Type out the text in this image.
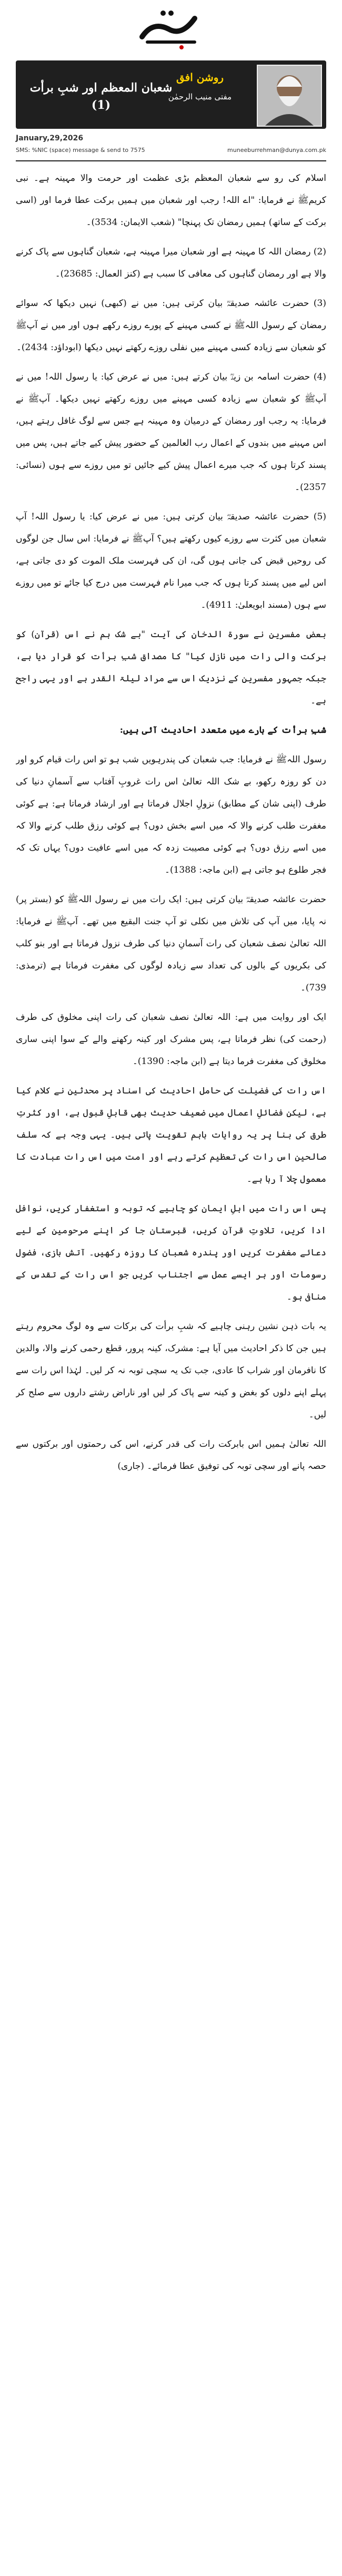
روشن افق
مفتی منیب الرحمٰن
شعبان المعظم اور شبِ برأت (1)
January,29,2026
SMS: %NIC (space) message & send to 7575	muneeburrehman@dunya.com.pk

اسلام کی رو سے شعبان المعظم بڑی عظمت اور حرمت والا مہینہ ہے۔ نبی کریمﷺ نے فرمایا: "اے اللہ! رجب اور شعبان میں ہمیں برکت عطا فرما اور (اسی برکت کے ساتھ) ہمیں رمضان تک پہنچا" (شعب الایمان: 3534)۔

(2) رمضان اللہ کا مہینہ ہے اور شعبان میرا مہینہ ہے، شعبان گناہوں سے پاک کرنے والا ہے اور رمضان گناہوں کی معافی کا سبب ہے (کنز العمال: 23685)۔

(3) حضرت عائشہ صدیقہؓ بیان کرتی ہیں: میں نے (کبھی) نہیں دیکھا کہ سوائے رمضان کے رسول اللہﷺ نے کسی مہینے کے پورے روزے رکھے ہوں اور میں نے آپﷺ کو شعبان سے زیادہ کسی مہینے میں نفلی روزے رکھتے نہیں دیکھا (ابوداؤد: 2434)۔

(4) حضرت اسامہ بن زیدؓ بیان کرتے ہیں: میں نے عرض کیا: یا رسول اللہ! میں نے آپﷺ کو شعبان سے زیادہ کسی مہینے میں روزے رکھتے نہیں دیکھا۔ آپﷺ نے فرمایا: یہ رجب اور رمضان کے درمیان وہ مہینہ ہے جس سے لوگ غافل رہتے ہیں، اس مہینے میں بندوں کے اعمال رب العالمین کے حضور پیش کیے جاتے ہیں، پس میں پسند کرتا ہوں کہ جب میرے اعمال پیش کیے جائیں تو میں روزے سے ہوں (نسائی: 2357)۔

(5) حضرت عائشہ صدیقہؓ بیان کرتی ہیں: میں نے عرض کیا: یا رسول اللہ! آپ شعبان میں کثرت سے روزے کیوں رکھتے ہیں؟ آپﷺ نے فرمایا: اس سال جن لوگوں کی روحیں قبض کی جانی ہوں گی، ان کی فہرست ملک الموت کو دی جاتی ہے، اس لیے میں پسند کرتا ہوں کہ جب میرا نام فہرست میں درج کیا جائے تو میں روزے سے ہوں (مسند ابویعلیٰ: 4911)۔

بعض مفسرین نے سورۃ الدخان کی آیت "بے شک ہم نے اس (قرآن) کو برکت والی رات میں نازل کیا" کا مصداق شبِ برأت کو قرار دیا ہے، جبکہ جمہور مفسرین کے نزدیک اس سے مراد لیلۃ القدر ہے اور یہی راجح ہے۔

شبِ برأت کے بارے میں متعدد احادیث آئی ہیں:

رسول اللہﷺ نے فرمایا: جب شعبان کی پندرہویں شب ہو تو اس رات قیام کرو اور دن کو روزہ رکھو، بے شک اللہ تعالیٰ اس رات غروبِ آفتاب سے آسمانِ دنیا کی طرف (اپنی شان کے مطابق) نزولِ اجلال فرماتا ہے اور ارشاد فرماتا ہے: ہے کوئی مغفرت طلب کرنے والا کہ میں اسے بخش دوں؟ ہے کوئی رزق طلب کرنے والا کہ میں اسے رزق دوں؟ ہے کوئی مصیبت زدہ کہ میں اسے عافیت دوں؟ یہاں تک کہ فجر طلوع ہو جاتی ہے (ابن ماجہ: 1388)۔

حضرت عائشہ صدیقہؓ بیان کرتی ہیں: ایک رات میں نے رسول اللہﷺ کو (بستر پر) نہ پایا، میں آپ کی تلاش میں نکلی تو آپ جنت البقیع میں تھے۔ آپﷺ نے فرمایا: اللہ تعالیٰ نصف شعبان کی رات آسمانِ دنیا کی طرف نزول فرماتا ہے اور بنو کلب کی بکریوں کے بالوں کی تعداد سے زیادہ لوگوں کی مغفرت فرماتا ہے (ترمذی: 739)۔

ایک اور روایت میں ہے: اللہ تعالیٰ نصف شعبان کی رات اپنی مخلوق کی طرف (رحمت کی) نظر فرماتا ہے، پس مشرک اور کینہ رکھنے والے کے سوا اپنی ساری مخلوق کی مغفرت فرما دیتا ہے (ابن ماجہ: 1390)۔

اس رات کی فضیلت کی حامل احادیث کی اسناد پر محدثین نے کلام کیا ہے، لیکن فضائلِ اعمال میں ضعیف حدیث بھی قابلِ قبول ہے، اور کثرتِ طرق کی بنا پر یہ روایات باہم تقویت پاتی ہیں۔ یہی وجہ ہے کہ سلف صالحین اس رات کی تعظیم کرتے رہے اور امت میں اس رات عبادت کا معمول چلا آ رہا ہے۔

پس اس رات میں اہلِ ایمان کو چاہیے کہ توبہ و استغفار کریں، نوافل ادا کریں، تلاوتِ قرآن کریں، قبرستان جا کر اپنے مرحومین کے لیے دعائے مغفرت کریں اور پندرہ شعبان کا روزہ رکھیں۔ آتش بازی، فضول رسومات اور ہر ایسے عمل سے اجتناب کریں جو اس رات کے تقدس کے منافی ہو۔

یہ بات ذہن نشین رہنی چاہیے کہ شبِ برأت کی برکات سے وہ لوگ محروم رہتے ہیں جن کا ذکر احادیث میں آیا ہے: مشرک، کینہ پرور، قطع رحمی کرنے والا، والدین کا نافرمان اور شراب کا عادی، جب تک یہ سچی توبہ نہ کر لیں۔ لہٰذا اس رات سے پہلے اپنے دلوں کو بغض و کینہ سے پاک کر لیں اور ناراض رشتے داروں سے صلح کر لیں۔

اللہ تعالیٰ ہمیں اس بابرکت رات کی قدر کرنے، اس کی رحمتوں اور برکتوں سے حصہ پانے اور سچی توبہ کی توفیق عطا فرمائے۔ (جاری)
